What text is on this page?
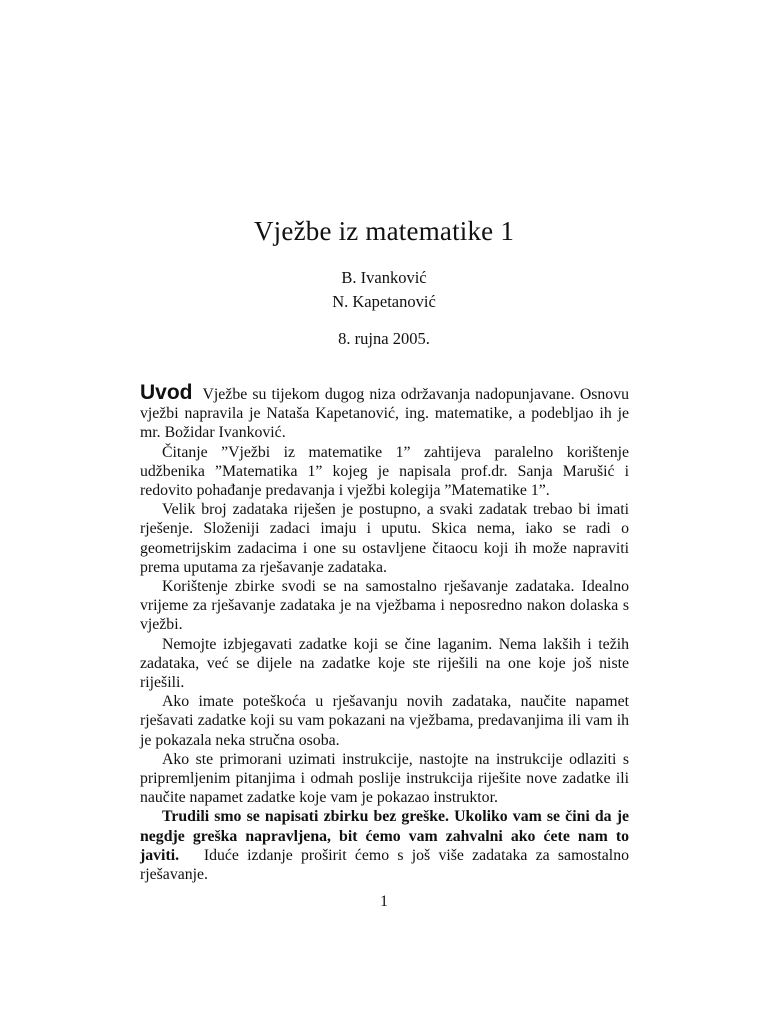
Vježbe iz matematike 1
B. Ivanković
N. Kapetanović
8. rujna 2005.

Uvod Vježbe su tijekom dugog niza održavanja nadopunjavane. Osnovu vježbi napravila je Nataša Kapetanović, ing. matematike, a podebljao ih je mr. Božidar Ivanković.

Čitanje ”Vježbi iz matematike 1” zahtijeva paralelno korištenje udžbenika ”Matematika 1” kojeg je napisala prof.dr. Sanja Marušić i redovito pohađanje predavanja i vježbi kolegija ”Matematike 1”.

Velik broj zadataka riješen je postupno, a svaki zadatak trebao bi imati rješenje. Složeniji zadaci imaju i uputu. Skica nema, iako se radi o geometrijskim zadacima i one su ostavljene čitaocu koji ih može napraviti prema uputama za rješavanje zadataka.

Korištenje zbirke svodi se na samostalno rješavanje zadataka. Idealno vrijeme za rješavanje zadataka je na vježbama i neposredno nakon dolaska s vježbi.

Nemojte izbjegavati zadatke koji se čine laganim. Nema lakših i težih zadataka, već se dijele na zadatke koje ste riješili na one koje još niste riješili.

Ako imate poteškoća u rješavanju novih zadataka, naučite napamet rješavati zadatke koji su vam pokazani na vježbama, predavanjima ili vam ih je pokazala neka stručna osoba.

Ako ste primorani uzimati instrukcije, nastojte na instrukcije odlaziti s pripremljenim pitanjima i odmah poslije instrukcija riješite nove zadatke ili naučite napamet zadatke koje vam je pokazao instruktor.

Trudili smo se napisati zbirku bez greške. Ukoliko vam se čini da je negdje greška napravljena, bit ćemo vam zahvalni ako ćete nam to javiti. Iduće izdanje proširit ćemo s još više zadataka za samostalno rješavanje.

1
